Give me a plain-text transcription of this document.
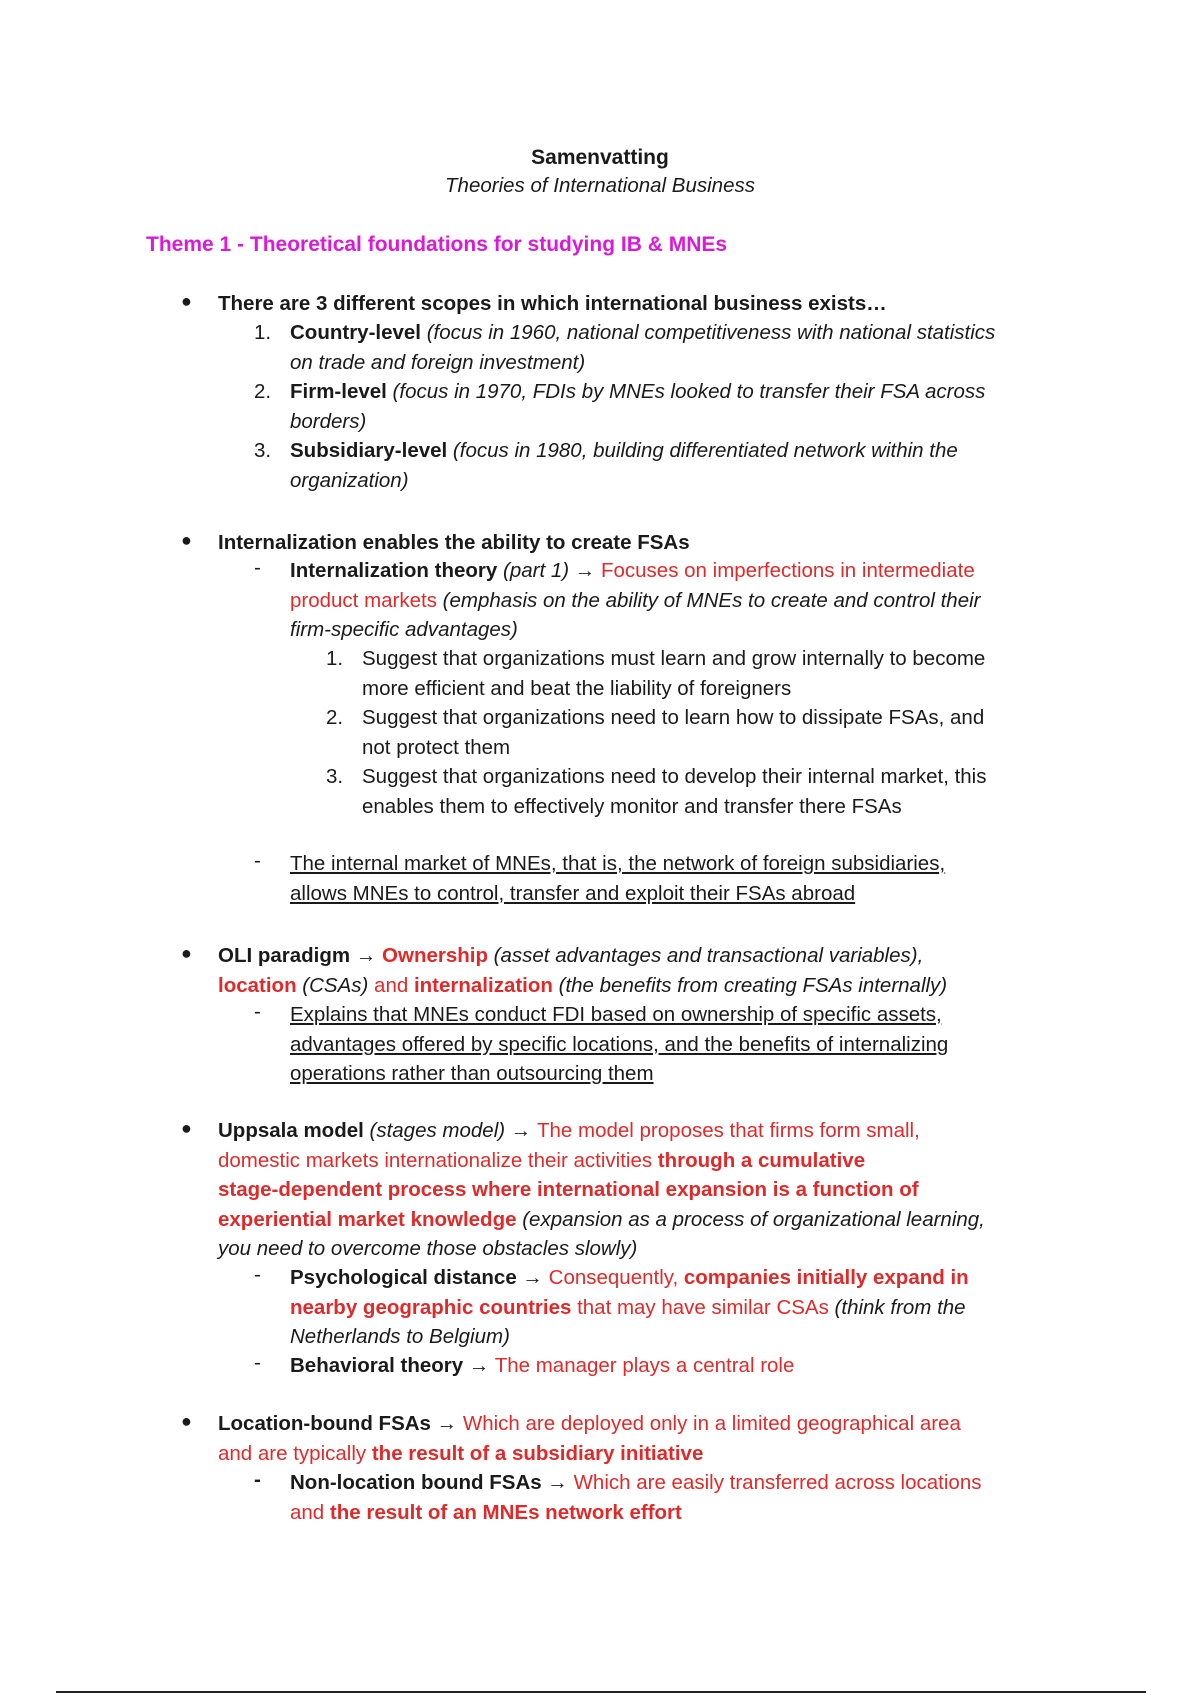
Samenvatting
Theories of International Business
Theme 1 - Theoretical foundations for studying IB & MNEs
● There are 3 different scopes in which international business exists…
1. Country-level (focus in 1960, national competitiveness with national statistics
on trade and foreign investment)
2. Firm-level (focus in 1970, FDIs by MNEs looked to transfer their FSA across
borders)
3. Subsidiary-level (focus in 1980, building differentiated network within the
organization)
● Internalization enables the ability to create FSAs
- Internalization theory (part 1) → Focuses on imperfections in intermediate
product markets (emphasis on the ability of MNEs to create and control their
firm-specific advantages)
1. Suggest that organizations must learn and grow internally to become
more efficient and beat the liability of foreigners
2. Suggest that organizations need to learn how to dissipate FSAs, and
not protect them
3. Suggest that organizations need to develop their internal market, this
enables them to effectively monitor and transfer there FSAs
- The internal market of MNEs, that is, the network of foreign subsidiaries,
allows MNEs to control, transfer and exploit their FSAs abroad
● OLI paradigm → Ownership (asset advantages and transactional variables),
location (CSAs) and internalization (the benefits from creating FSAs internally)
- Explains that MNEs conduct FDI based on ownership of specific assets,
advantages offered by specific locations, and the benefits of internalizing
operations rather than outsourcing them
● Uppsala model (stages model) → The model proposes that firms form small,
domestic markets internationalize their activities through a cumulative
stage-dependent process where international expansion is a function of
experiential market knowledge (expansion as a process of organizational learning,
you need to overcome those obstacles slowly)
- Psychological distance → Consequently, companies initially expand in
nearby geographic countries that may have similar CSAs (think from the
Netherlands to Belgium)
- Behavioral theory → The manager plays a central role
● Location-bound FSAs → Which are deployed only in a limited geographical area
and are typically the result of a subsidiary initiative
- Non-location bound FSAs → Which are easily transferred across locations
and the result of an MNEs network effort
